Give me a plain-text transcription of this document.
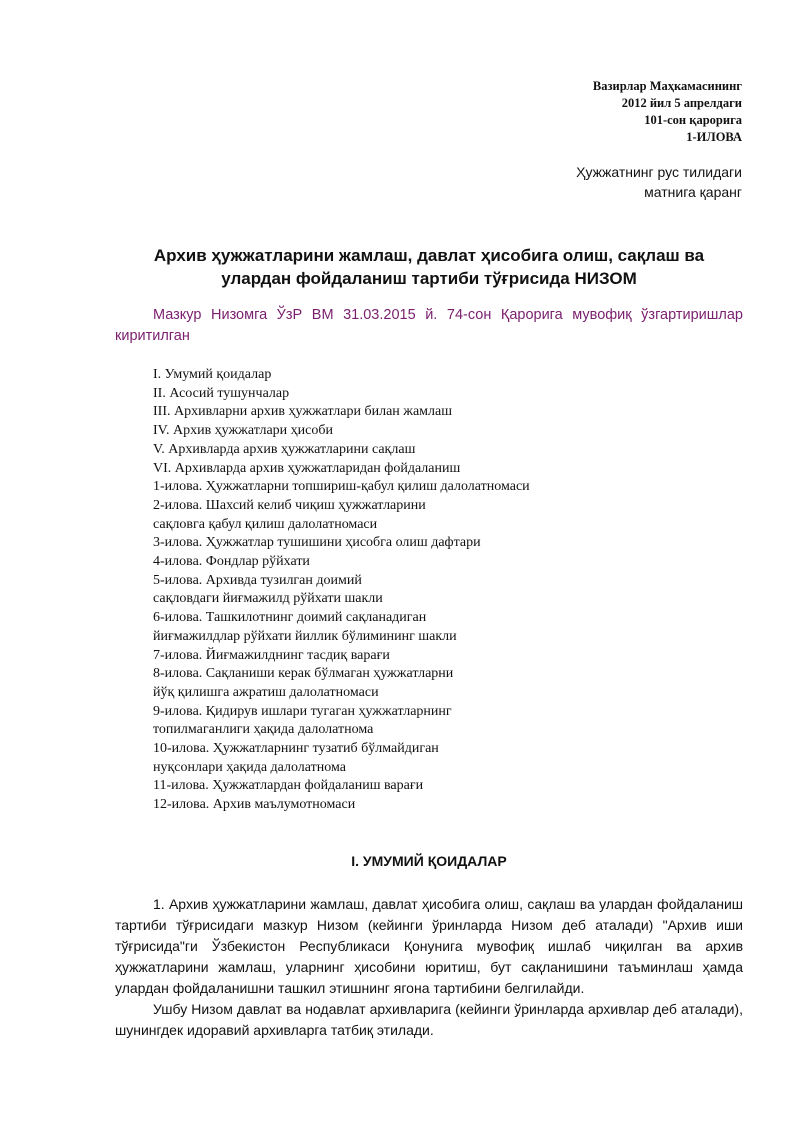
Вазирлар Маҳкамасининг
2012 йил 5 апрелдаги
101-сон қарорига
1-ИЛОВА
Ҳужжатнинг рус тилидаги
матнига қаранг
Архив ҳужжатларини жамлаш, давлат ҳисобига олиш, сақлаш ва
улардан фойдаланиш тартиби тўғрисида НИЗОМ
Мазкур Низомга ЎзР ВМ 31.03.2015 й. 74-сон Қарорига мувофиқ ўзгартиришлар киритилган
I. Умумий қоидалар
II. Асосий тушунчалар
III. Архивларни архив ҳужжатлари билан жамлаш
IV. Архив ҳужжатлари ҳисоби
V. Архивларда архив ҳужжатларини сақлаш
VI. Архивларда архив ҳужжатларидан фойдаланиш
1-илова. Ҳужжатларни топшириш-қабул қилиш далолатномаси
2-илова. Шахсий келиб чиқиш ҳужжатларини
сақловга қабул қилиш далолатномаси
3-илова. Ҳужжатлар тушишини ҳисобга олиш дафтари
4-илова. Фондлар рўйхати
5-илова. Архивда тузилган доимий
сақловдаги йиғмажилд рўйхати шакли
6-илова. Ташкилотнинг доимий сақланадиган
йиғмажилдлар рўйхати йиллик бўлимининг шакли
7-илова. Йиғмажилднинг тасдиқ варағи
8-илова. Сақланиши керак бўлмаган ҳужжатларни
йўқ қилишга ажратиш далолатномаси
9-илова. Қидирув ишлари тугаган ҳужжатларнинг
топилмаганлиги ҳақида далолатнома
10-илова. Ҳужжатларнинг тузатиб бўлмайдиган
нуқсонлари ҳақида далолатнома
11-илова. Ҳужжатлардан фойдаланиш варағи
12-илова. Архив маълумотномаси
I. УМУМИЙ ҚОИДАЛАР

1. Архив ҳужжатларини жамлаш, давлат ҳисобига олиш, сақлаш ва улардан фойдаланиш тартиби тўғрисидаги мазкур Низом (кейинги ўринларда Низом деб аталади) "Архив иши тўғрисида"ги Ўзбекистон Республикаси Қонунига мувофиқ ишлаб чиқилган ва архив ҳужжатларини жамлаш, уларнинг ҳисобини юритиш, бут сақланишини таъминлаш ҳамда улардан фойдаланишни ташкил этишнинг ягона тартибини белгилайди.

Ушбу Низом давлат ва нодавлат архивларига (кейинги ўринларда архивлар деб аталади), шунингдек идоравий архивларга татбиқ этилади.
